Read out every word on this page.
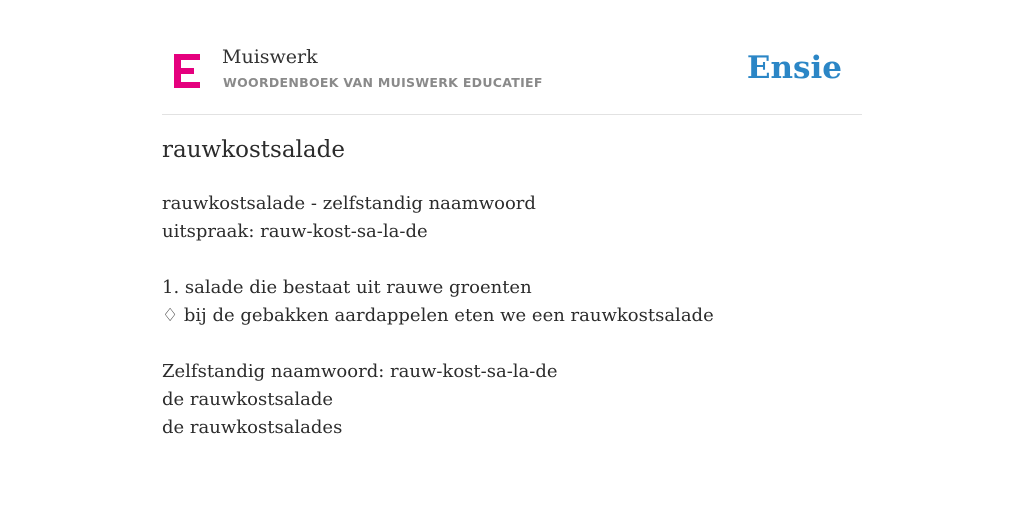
Muiswerk
WOORDENBOEK VAN MUISWERK EDUCATIEF	Ensie
rauwkostsalade
rauwkostsalade - zelfstandig naamwoord
uitspraak: rauw-kost-sa-la-de
1. salade die bestaat uit rauwe groenten
♢ bij de gebakken aardappelen eten we een rauwkostsalade
Zelfstandig naamwoord: rauw-kost-sa-la-de
de rauwkostsalade
de rauwkostsalades
